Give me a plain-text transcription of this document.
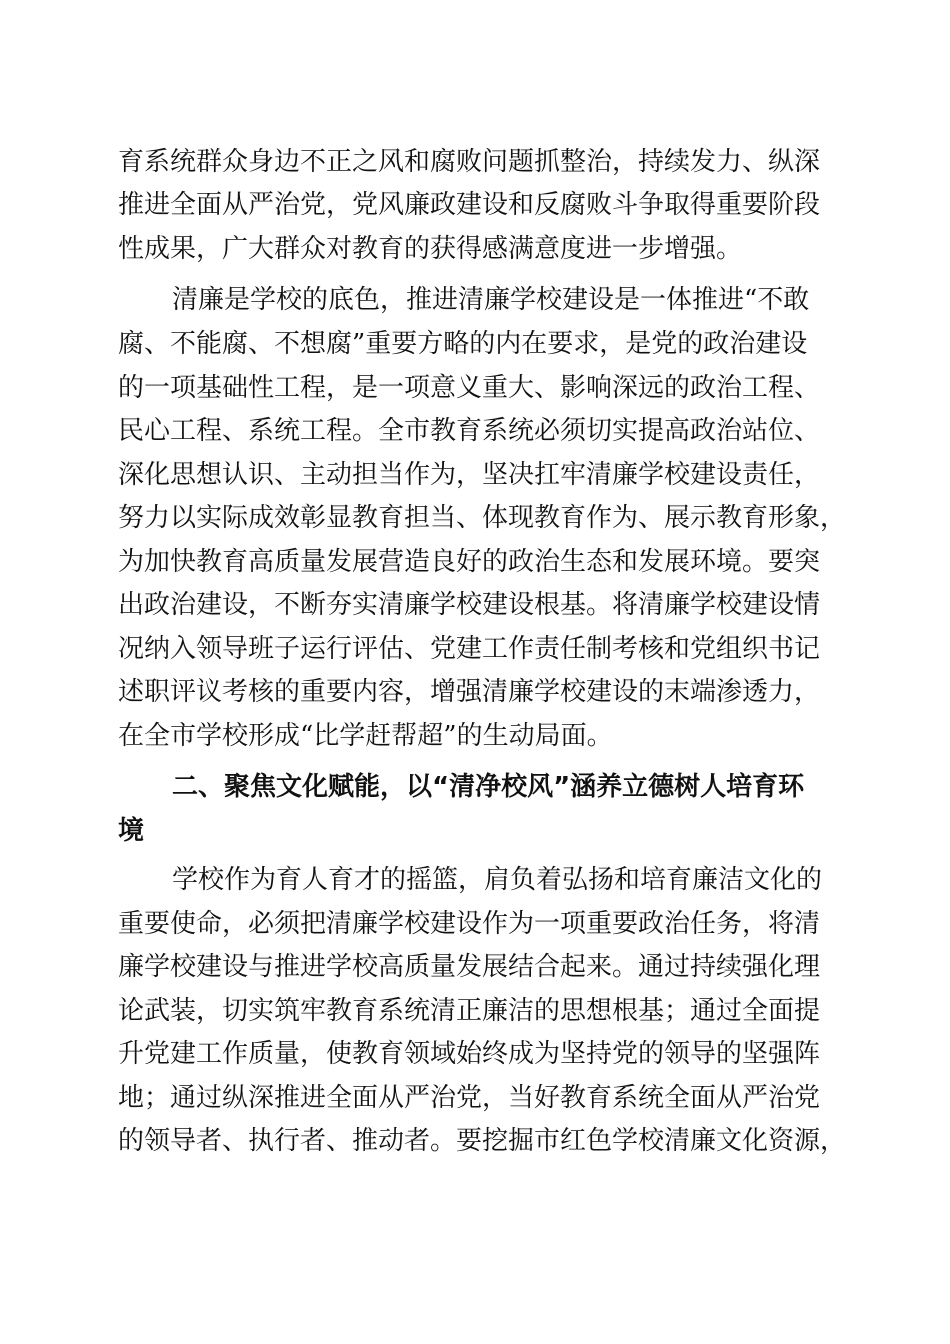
育系统群众身边不正之风和腐败问题抓整治，持续发力、纵深
推进全面从严治党，党风廉政建设和反腐败斗争取得重要阶段
性成果，广大群众对教育的获得感满意度进一步增强。
清廉是学校的底色，推进清廉学校建设是一体推进“不敢
腐、不能腐、不想腐”重要方略的内在要求，是党的政治建设
的一项基础性工程，是一项意义重大、影响深远的政治工程、
民心工程、系统工程。全市教育系统必须切实提高政治站位、
深化思想认识、主动担当作为，坚决扛牢清廉学校建设责任，
努力以实际成效彰显教育担当、体现教育作为、展示教育形象，
为加快教育高质量发展营造良好的政治生态和发展环境。要突
出政治建设，不断夯实清廉学校建设根基。将清廉学校建设情
况纳入领导班子运行评估、党建工作责任制考核和党组织书记
述职评议考核的重要内容，增强清廉学校建设的末端渗透力，
在全市学校形成“比学赶帮超”的生动局面。
二、聚焦文化赋能，以“清净校风”涵养立德树人培育环
境
学校作为育人育才的摇篮，肩负着弘扬和培育廉洁文化的
重要使命，必须把清廉学校建设作为一项重要政治任务，将清
廉学校建设与推进学校高质量发展结合起来。通过持续强化理
论武装，切实筑牢教育系统清正廉洁的思想根基；通过全面提
升党建工作质量，使教育领域始终成为坚持党的领导的坚强阵
地；通过纵深推进全面从严治党，当好教育系统全面从严治党
的领导者、执行者、推动者。要挖掘市红色学校清廉文化资源，
